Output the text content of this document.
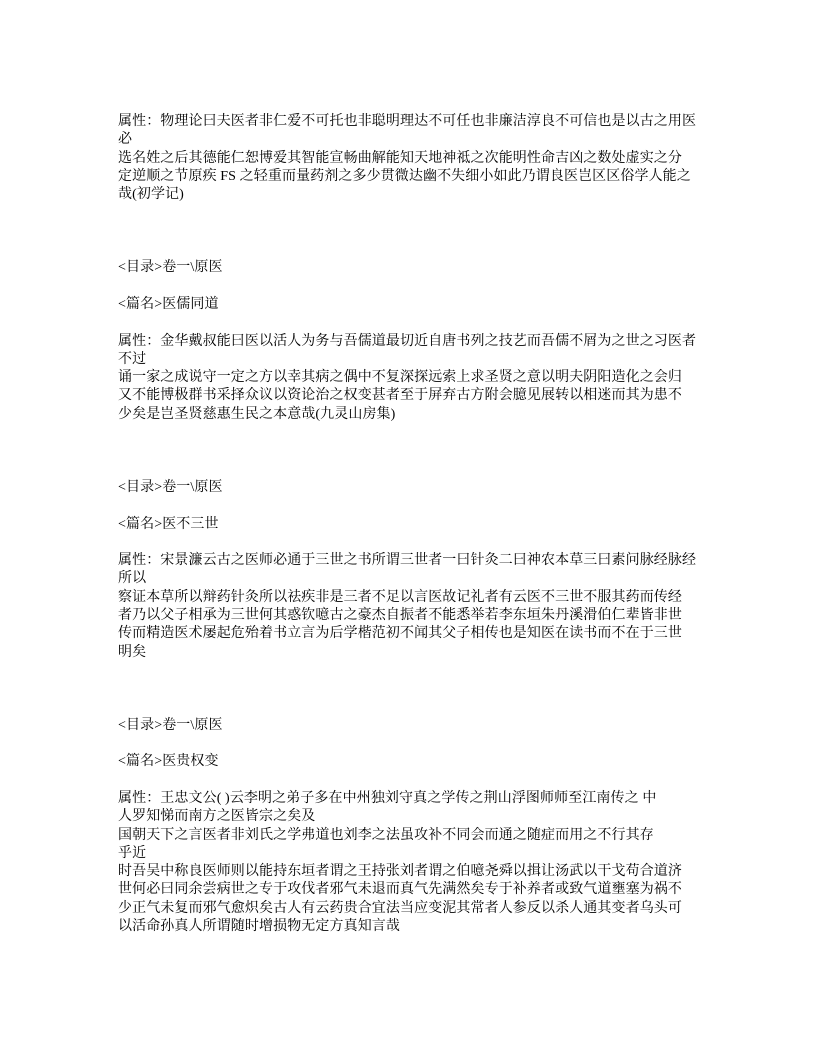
属性：物理论曰夫医者非仁爱不可托也非聪明理达不可任也非廉洁淳良不可信也是以古之用医
必
选名姓之后其德能仁恕博爱其智能宣畅曲解能知天地神祗之次能明性命吉凶之数处虚实之分
定逆顺之节原疾 FS 之轻重而量药剂之多少贯微达幽不失细小如此乃谓良医岂区区俗学人能之
哉(初学记)
<目录>卷一\原医
<篇名>医儒同道
属性：金华戴叔能曰医以活人为务与吾儒道最切近自唐书列之技艺而吾儒不屑为之世之习医者
不过
诵一家之成说守一定之方以幸其病之偶中不复深探远索上求圣贤之意以明夫阴阳造化之会归
又不能博极群书采择众议以资论治之权变甚者至于屏弃古方附会臆见展转以相迷而其为患不
少矣是岂圣贤慈惠生民之本意哉(九灵山房集)
<目录>卷一\原医
<篇名>医不三世
属性：宋景濂云古之医师必通于三世之书所谓三世者一曰针灸二曰神农本草三曰素问脉经脉经
所以
察证本草所以辩药针灸所以祛疾非是三者不足以言医故记礼者有云医不三世不服其药而传经
者乃以父子相承为三世何其惑钦噫古之豪杰自振者不能悉举若李东垣朱丹溪滑伯仁辈皆非世
传而精造医术屡起危殆着书立言为后学楷范初不闻其父子相传也是知医在读书而不在于三世
明矣
<目录>卷一\原医
<篇名>医贵权变
属性：王忠文公( )云李明之弟子多在中州独刘守真之学传之荆山浮图师师至江南传之 中
人罗知悌而南方之医皆宗之矣及
国朝天下之言医者非刘氏之学弗道也刘李之法虽攻补不同会而通之随症而用之不行其存
乎近
时吾吴中称良医师则以能持东垣者谓之王持张刘者谓之伯噫尧舜以揖让汤武以干戈苟合道济
世何必曰同余尝病世之专于攻伐者邪气未退而真气先满然矣专于补养者或致气道壅塞为祸不
少正气未复而邪气愈炽矣古人有云药贵合宜法当应变泥其常者人参反以杀人通其变者乌头可
以活命孙真人所谓随时增损物无定方真知言哉
